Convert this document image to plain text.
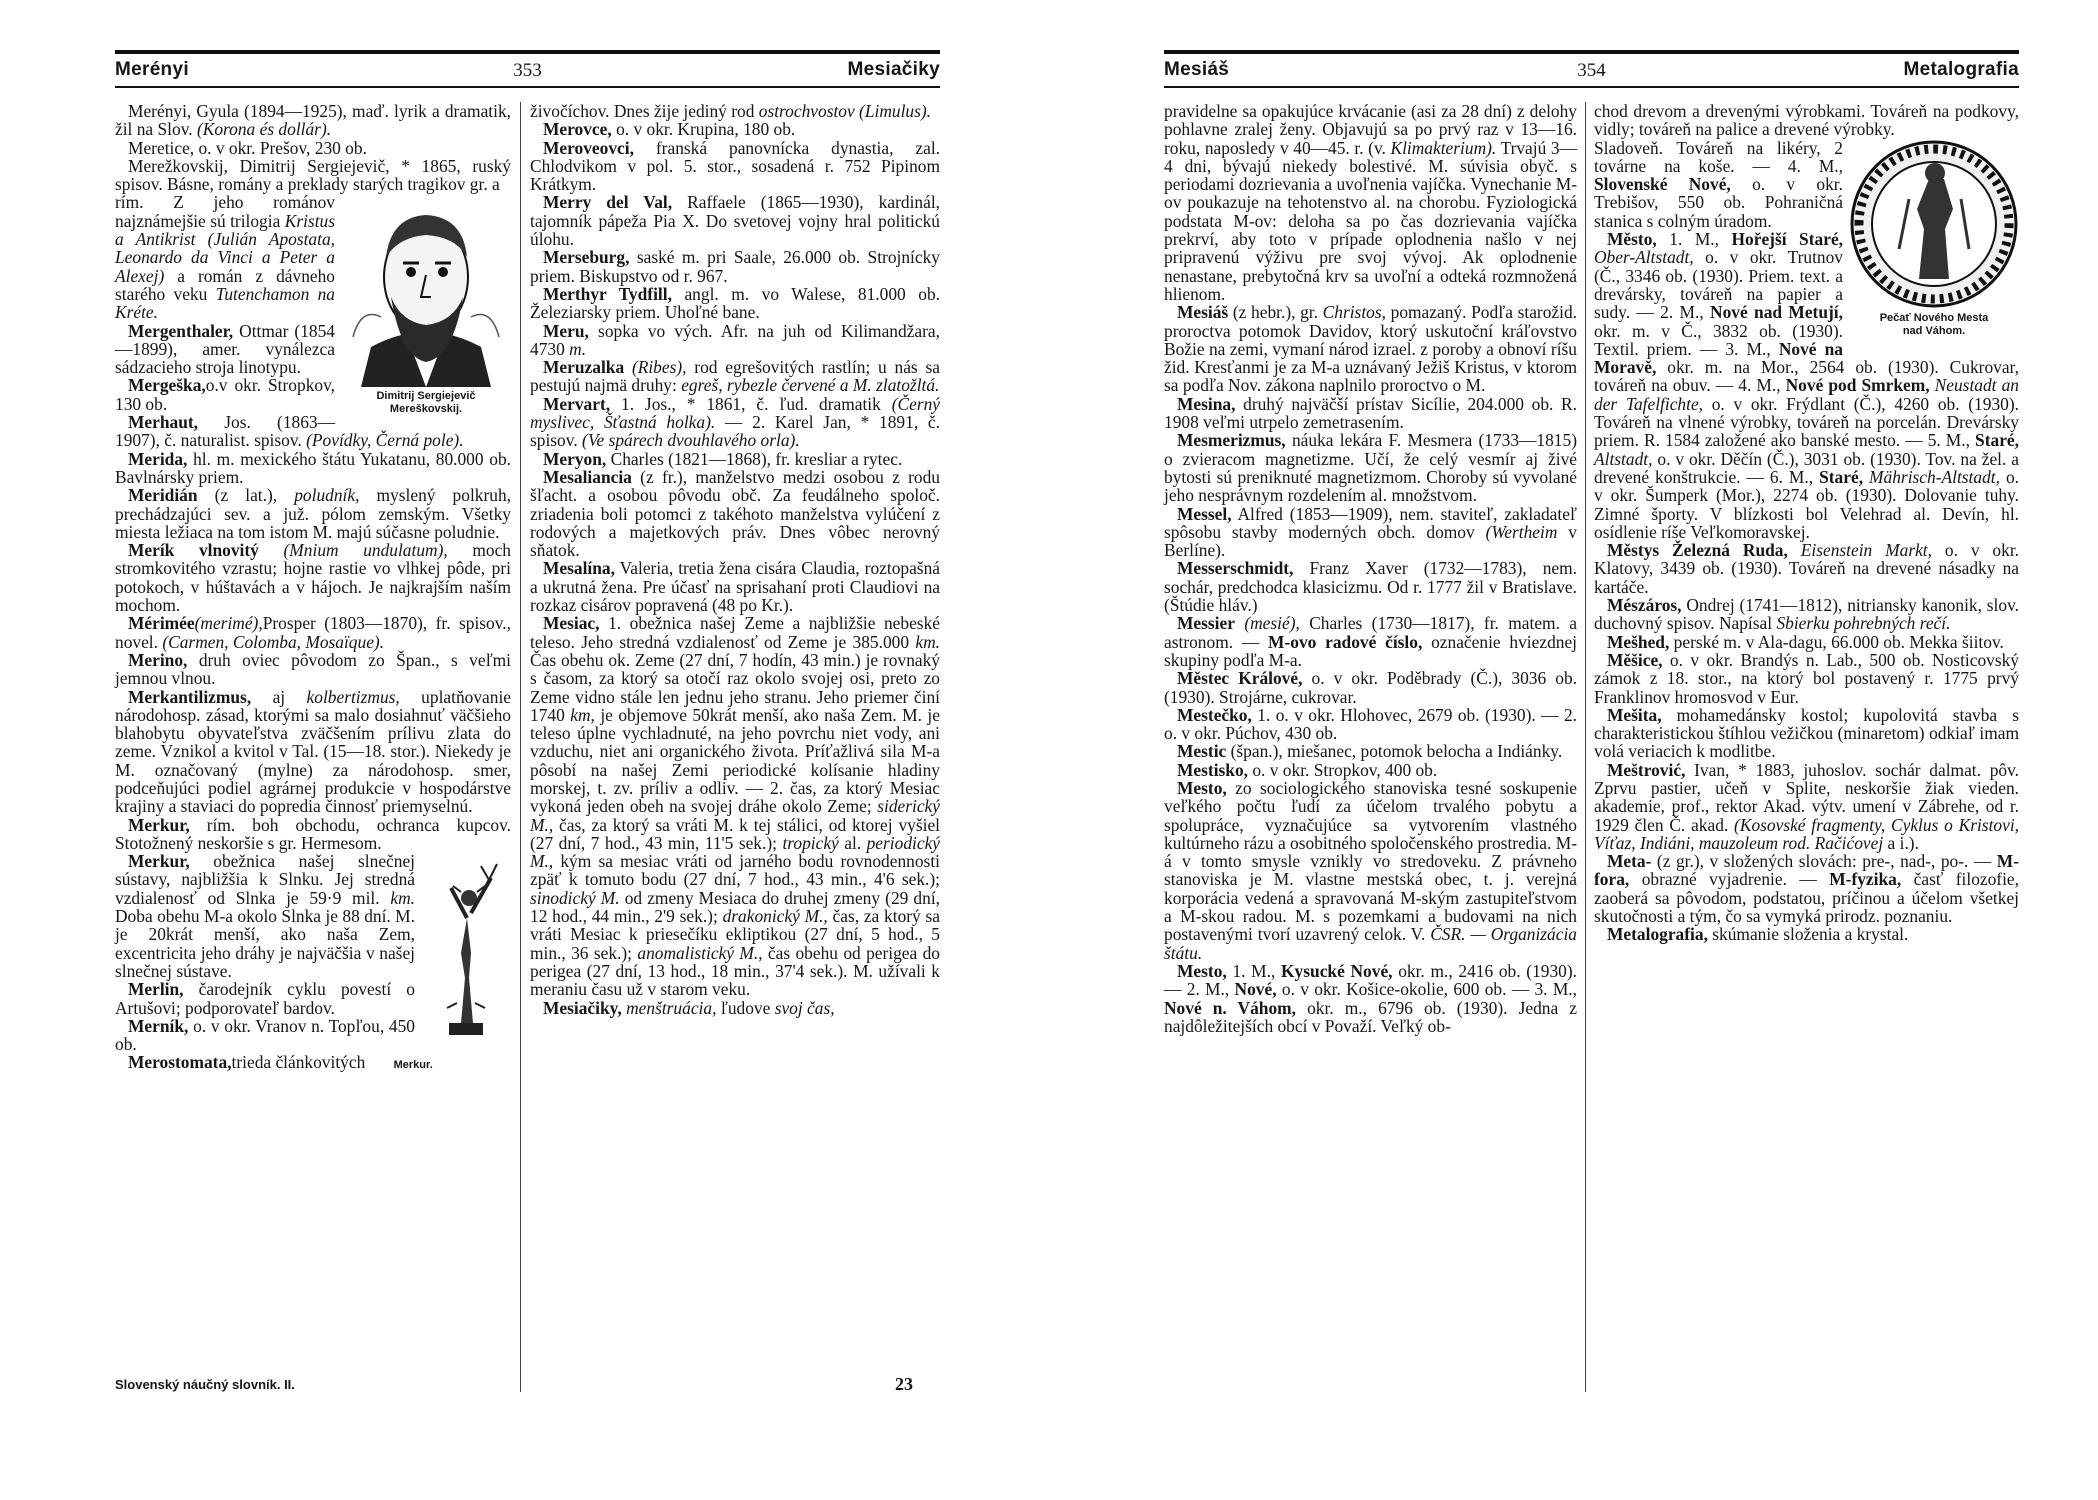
Merényi	353	Mesiačiky

Merényi, Gyula (1894—1925), maď. lyrik a dramatik, žil na Slov. (Korona és dollár).

Meretice, o. v okr. Prešov, 230 ob.

Merežkovskij, Dimitrij Sergiejevič, * 1865, ruský spisov. Básne, romány a preklady starých tragikov gr. a

Dimitrij Sergiejevič
Mereškovskij.

rím. Z jeho románov najznámejšie sú trilogia Kristus a Antikrist (Julián Apostata, Leonardo da Vinci a Peter a Alexej) a román z dávneho starého veku Tutenchamon na Kréte.

Mergenthaler, Ottmar (1854—1899), amer. vynálezca sádzacieho stroja linotypu.

Mergeška,o.v okr. Stropkov, 130 ob.

Merhaut, Jos. (1863—1907), č. naturalist. spisov. (Povídky, Černá pole).

Merida, hl. m. mexického štátu Yukatanu, 80.000 ob. Bavlnársky priem.

Meridián (z lat.), poludník, myslený polkruh, prechádzajúci sev. a juž. pólom zemským. Všetky miesta ležiaca na tom istom M. majú súčasne poludnie.

Merík vlnovitý (Mnium undulatum), moch stromkovitého vzrastu; hojne rastie vo vlhkej pôde, pri potokoch, v húštavách a v hájoch. Je najkrajším naším mochom.

Mérimée(merimé),Prosper (1803—1870), fr. spisov., novel. (Carmen, Colomba, Mosaïque).

Merino, druh oviec pôvodom zo Špan., s veľmi jemnou vlnou.

Merkantilizmus, aj kolbertizmus, uplatňovanie národohosp. zásad, ktorými sa malo dosiahnuť väčšieho blahobytu obyvateľstva zväčšením prílivu zlata do zeme. Vznikol a kvitol v Tal. (15—18. stor.). Niekedy je M. označovaný (mylne) za národohosp. smer, podceňujúci podiel agrárnej produkcie v hospodárstve krajiny a staviaci do popredia činnosť priemyselnú.

Merkur, rím. boh obchodu, ochranca kupcov. Stotožnený neskoršie s gr. Hermesom.

Merkur, obežnica našej slnečnej sústavy, najbližšia k Slnku. Jej stredná vzdialenosť od Slnka je 59·9 mil. km. Doba obehu M-a okolo Slnka je 88 dní. M. je 20krát menší, ako naša Zem, excentricita jeho dráhy je najväčšia v našej slnečnej sústave.

Merlin, čarodejník cyklu povestí o Artušovi; podporovateľ bardov.

Merník, o. v okr. Vranov n. Topľou, 450 ob.

Merostomata,trieda článkovitých Merkur.

živočíchov. Dnes žije jediný rod ostrochvostov (Limulus).

Merovce, o. v okr. Krupina, 180 ob.

Meroveovci, franská panovnícka dynastia, zal. Chlodvikom v pol. 5. stor., sosadená r. 752 Pipinom Krátkym.

Merry del Val, Raffaele (1865—1930), kardinál, tajomník pápeža Pia X. Do svetovej vojny hral politickú úlohu.

Merseburg, saské m. pri Saale, 26.000 ob. Strojnícky priem. Biskupstvo od r. 967.

Merthyr Tydfill, angl. m. vo Walese, 81.000 ob. Železiarsky priem. Uhoľné bane.

Meru, sopka vo vých. Afr. na juh od Kilimandžara, 4730 m.

Meruzalka (Ribes), rod egrešovitých rastlín; u nás sa pestujú najmä druhy: egreš, rybezle červené a M. zlatožltá.

Mervart, 1. Jos., * 1861, č. ľud. dramatik (Černý myslivec, Šťastná holka). — 2. Karel Jan, * 1891, č. spisov. (Ve spárech dvouhlavého orla).

Meryon, Charles (1821—1868), fr. kresliar a rytec.

Mesaliancia (z fr.), manželstvo medzi osobou z rodu šľacht. a osobou pôvodu obč. Za feudálneho spoloč. zriadenia boli potomci z takéhoto manželstva vylúčení z rodových a majetkových práv. Dnes vôbec nerovný sňatok.

Mesalína, Valeria, tretia žena cisára Claudia, roztopašná a ukrutná žena. Pre účasť na sprisahaní proti Claudiovi na rozkaz cisárov popravená (48 po Kr.).

Mesiac, 1. obežnica našej Zeme a najbližšie nebeské teleso. Jeho stredná vzdialenosť od Zeme je 385.000 km. Čas obehu ok. Zeme (27 dní, 7 hodín, 43 min.) je rovnaký s časom, za ktorý sa otočí raz okolo svojej osi, preto zo Zeme vidno stále len jednu jeho stranu. Jeho priemer činí 1740 km, je objemove 50krát menší, ako naša Zem. M. je teleso úplne vychladnuté, na jeho povrchu niet vody, ani vzduchu, niet ani organického života. Príťažlivá sila M-a pôsobí na našej Zemi periodické kolísanie hladiny morskej, t. zv. príliv a odliv. — 2. čas, za ktorý Mesiac vykoná jeden obeh na svojej dráhe okolo Zeme; siderický M., čas, za ktorý sa vráti M. k tej stálici, od ktorej vyšiel (27 dní, 7 hod., 43 min, 11'5 sek.); tropický al. periodický M., kým sa mesiac vráti od jarného bodu rovnodennosti zpäť k tomuto bodu (27 dní, 7 hod., 43 min., 4'6 sek.); sinodický M. od zmeny Mesiaca do druhej zmeny (29 dní, 12 hod., 44 min., 2'9 sek.); drakonický M., čas, za ktorý sa vráti Mesiac k priesečíku ekliptikou (27 dní, 5 hod., 5 min., 36 sek.); anomalistický M., čas obehu od perigea do perigea (27 dní, 13 hod., 18 min., 37'4 sek.). M. užívali k meraniu času už v starom veku.

Mesiačiky, menštruácia, ľudove svoj čas,

Slovenský náučný slovník. II.	23
Mesiáš	354	Metalografia

pravidelne sa opakujúce krvácanie (asi za 28 dní) z delohy pohlavne zralej ženy. Objavujú sa po prvý raz v 13—16. roku, naposledy v 40—45. r. (v. Klimakterium). Trvajú 3—4 dni, bývajú niekedy bolestivé. M. súvisia obyč. s periodami dozrievania a uvoľnenia vajíčka. Vynechanie M-ov poukazuje na tehotenstvo al. na chorobu. Fyziologická podstata M-ov: deloha sa po čas dozrievania vajíčka prekrví, aby toto v prípade oplodnenia našlo v nej pripravenú výživu pre svoj vývoj. Ak oplodnenie nenastane, prebytočná krv sa uvoľní a odteká rozmnožená hlienom.

Mesiáš (z hebr.), gr. Christos, pomazaný. Podľa starožid. proroctva potomok Davidov, ktorý uskutoční kráľovstvo Božie na zemi, vymaní národ izrael. z poroby a obnoví ríšu žid. Kresťanmi je za M-a uznávaný Ježiš Kristus, v ktorom sa podľa Nov. zákona naplnilo proroctvo o M.

Mesina, druhý najväčší prístav Sicílie, 204.000 ob. R. 1908 veľmi utrpelo zemetrasením.

Mesmerizmus, náuka lekára F. Mesmera (1733—1815) o zvieracom magnetizme. Učí, že celý vesmír aj živé bytosti sú preniknuté magnetizmom. Choroby sú vyvolané jeho nesprávnym rozdelením al. množstvom.

Messel, Alfred (1853—1909), nem. staviteľ, zakladateľ spôsobu stavby moderných obch. domov (Wertheim v Berlíne).

Messerschmidt, Franz Xaver (1732—1783), nem. sochár, predchodca klasicizmu. Od r. 1777 žil v Bratislave. (Štúdie hláv.)

Messier (mesié), Charles (1730—1817), fr. matem. a astronom. — M-ovo radové číslo, označenie hviezdnej skupiny podľa M-a.

Městec Králové, o. v okr. Poděbrady (Č.), 3036 ob. (1930). Strojárne, cukrovar.

Mestečko, 1. o. v okr. Hlohovec, 2679 ob. (1930). — 2. o. v okr. Púchov, 430 ob.

Mestic (špan.), miešanec, potomok belocha a Indiánky.

Mestisko, o. v okr. Stropkov, 400 ob.

Mesto, zo sociologického stanoviska tesné soskupenie veľkého počtu ľudí za účelom trvalého pobytu a spolupráce, vyznačujúce sa vytvorením vlastného kultúrneho rázu a osobitného spoločenského prostredia. M-á v tomto smysle vznikly vo stredoveku. Z právneho stanoviska je M. vlastne mestská obec, t. j. verejná korporácia vedená a spravovaná M-ským zastupiteľstvom a M-skou radou. M. s pozemkami a budovami na nich postavenými tvorí uzavrený celok. V. ČSR. — Organizácia štátu.

Mesto, 1. M., Kysucké Nové, okr. m., 2416 ob. (1930). — 2. M., Nové, o. v okr. Košice-okolie, 600 ob. — 3. M., Nové n. Váhom, okr. m., 6796 ob. (1930). Jedna z najdôležitejších obcí v Považí. Veľký ob-

chod drevom a drevenými výrobkami. Továreň na podkovy, vidly; továreň na palice a drevené výrobky.

Pečať Nového Mesta
nad Váhom.

Sladoveň. Továreň na likéry, 2 továrne na koše. — 4. M., Slovenské Nové, o. v okr. Trebišov, 550 ob. Pohraničná stanica s colným úradom.

Město, 1. M., Hořejší Staré, Ober-Altstadt, o. v okr. Trutnov (Č., 3346 ob. (1930). Priem. text. a drevársky, továreň na papier a sudy. — 2. M., Nové nad Metují, okr. m. v Č., 3832 ob. (1930). Textil. priem. — 3. M., Nové na Moravě, okr. m. na Mor., 2564 ob. (1930). Cukrovar, továreň na obuv. — 4. M., Nové pod Smrkem, Neustadt an der Tafelfichte, o. v okr. Frýdlant (Č.), 4260 ob. (1930). Továreň na vlnené výrobky, továreň na porcelán. Drevársky priem. R. 1584 založené ako banské mesto. — 5. M., Staré, Altstadt, o. v okr. Děčín (Č.), 3031 ob. (1930). Tov. na žel. a drevené konštrukcie. — 6. M., Staré, Mährisch-Altstadt, o. v okr. Šumperk (Mor.), 2274 ob. (1930). Dolovanie tuhy. Zimné športy. V blízkosti bol Velehrad al. Devín, hl. osídlenie ríše Veľkomoravskej.

Městys Železná Ruda, Eisenstein Markt, o. v okr. Klatovy, 3439 ob. (1930). Továreň na drevené násadky na kartáče.

Mészáros, Ondrej (1741—1812), nitriansky kanonik, slov. duchovný spisov. Napísal Sbierku pohrebných rečí.

Mešhed, perské m. v Ala-dagu, 66.000 ob. Mekka šiitov.

Měšice, o. v okr. Brandýs n. Lab., 500 ob. Nosticovský zámok z 18. stor., na ktorý bol postavený r. 1775 prvý Franklinov hromosvod v Eur.

Mešita, mohamedánsky kostol; kupolovitá stavba s charakteristickou štíhlou vežičkou (minaretom) odkiaľ imam volá veriacich k modlitbe.

Meštrović, Ivan, * 1883, juhoslov. sochár dalmat. pôv. Zprvu pastier, učeň v Splite, neskoršie žiak vieden. akademie, prof., rektor Akad. výtv. umení v Zábrehe, od r. 1929 člen Č. akad. (Kosovské fragmenty, Cyklus o Kristovi, Víťaz, Indiáni, mauzoleum rod. Račićovej a i.).

Meta- (z gr.), v složených slovách: pre-, nad-, po-. — M-fora, obrazné vyjadrenie. — M-fyzika, časť filozofie, zaoberá sa pôvodom, podstatou, príčinou a účelom všetkej skutočnosti a tým, čo sa vymyká prirodz. poznaniu.

Metalografia, skúmanie složenia a krystal.
